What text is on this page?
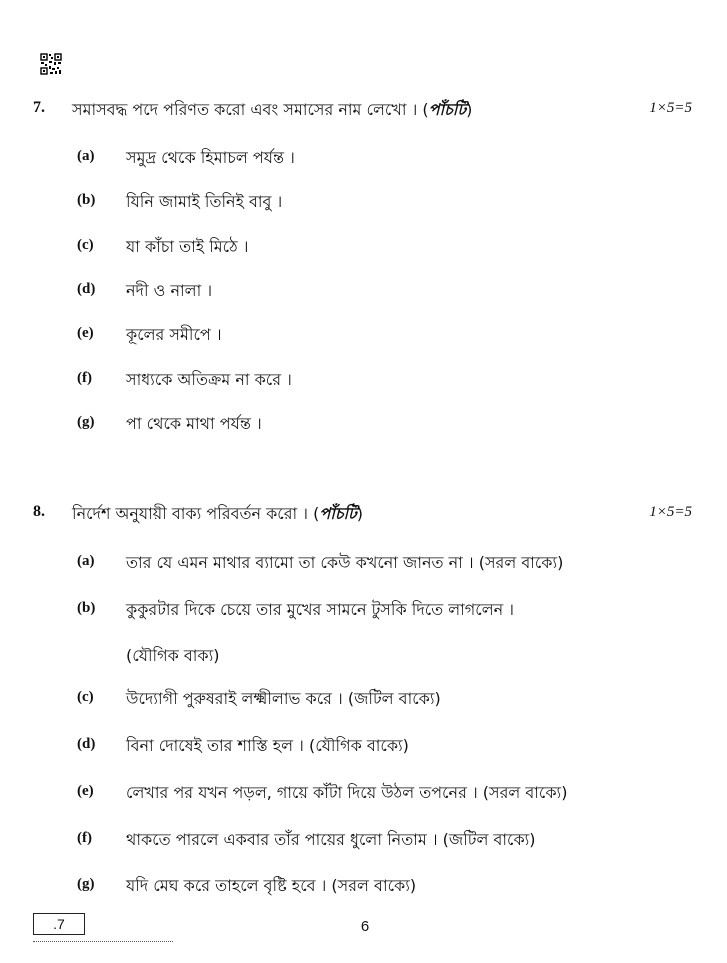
7. সমাসবদ্ধ পদে পরিণত করো এবং সমাসের নাম লেখো । (পাঁচটি)	1×5=5
(a) সমুদ্র থেকে হিমাচল পর্যন্ত ।
(b) যিনি জামাই তিনিই বাবু ।
(c) যা কাঁচা তাই মিঠে ।
(d) নদী ও নালা ।
(e) কূলের সমীপে ।
(f) সাধ্যকে অতিক্রম না করে ।
(g) পা থেকে মাথা পর্যন্ত ।
8. নির্দেশ অনুযায়ী বাক্য পরিবর্তন করো । (পাঁচটি)	1×5=5
(a) তার যে এমন মাথার ব্যামো তা কেউ কখনো জানত না । (সরল বাক্যে)
(b) কুকুরটার দিকে চেয়ে তার মুখের সামনে টুসকি দিতে লাগলেন ।
(যৌগিক বাক্য)
(c) উদ্যোগী পুরুষরাই লক্ষ্মীলাভ করে । (জটিল বাক্যে)
(d) বিনা দোষেই তার শাস্তি হল । (যৌগিক বাক্যে)
(e) লেখার পর যখন পড়ল, গায়ে কাঁটা দিয়ে উঠল তপনের । (সরল বাক্যে)
(f) থাকতে পারলে একবার তাঁর পায়ের ধুলো নিতাম । (জটিল বাক্যে)
(g) যদি মেঘ করে তাহলে বৃষ্টি হবে । (সরল বাক্যে)
.7	6
